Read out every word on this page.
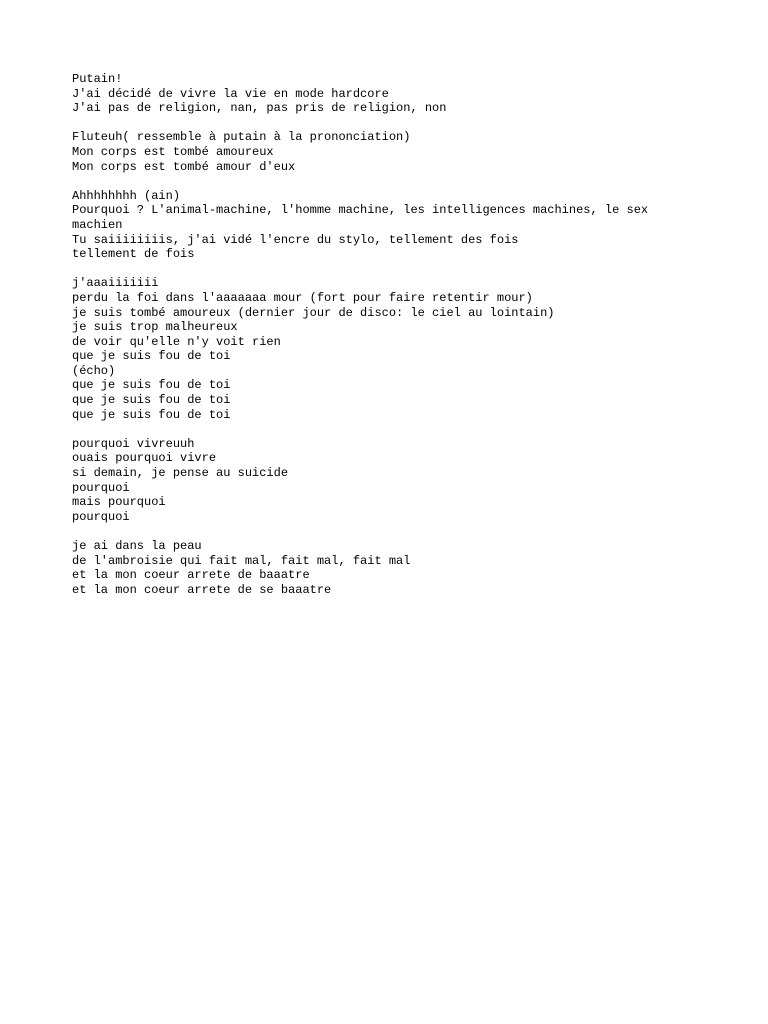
Putain!
J'ai décidé de vivre la vie en mode hardcore
J'ai pas de religion, nan, pas pris de religion, non
Fluteuh( ressemble à putain à la prononciation)
Mon corps est tombé amoureux
Mon corps est tombé amour d'eux
Ahhhhhhhh (ain)
Pourquoi ? L'animal-machine, l'homme machine, les intelligences machines, le sex machien
Tu saiiiiiiiis, j'ai vidé l'encre du stylo, tellement des fois
tellement de fois
j'aaaiiiiiii
perdu la foi dans l'aaaaaaa mour (fort pour faire retentir mour)
je suis tombé amoureux (dernier jour de disco: le ciel au lointain)
je suis trop malheureux
de voir qu'elle n'y voit rien
que je suis fou de toi
(écho)
que je suis fou de toi
que je suis fou de toi
que je suis fou de toi
pourquoi vivreuuh
ouais pourquoi vivre
si demain, je pense au suicide
pourquoi
mais pourquoi
pourquoi
je ai dans la peau
de l'ambroisie qui fait mal, fait mal, fait mal
et la mon coeur arrete de baaatre
et la mon coeur arrete de se baaatre
